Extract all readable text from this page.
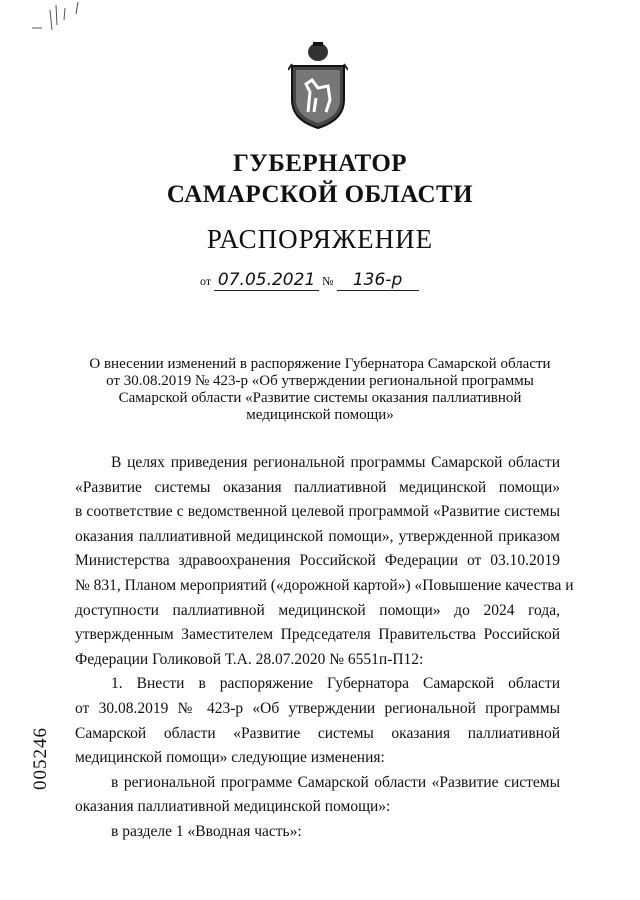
ГУБЕРНАТОР
САМАРСКОЙ ОБЛАСТИ
РАСПОРЯЖЕНИЕ
от 07.05.2021 № 136-р
О внесении изменений в распоряжение Губернатора Самарской области
от 30.08.2019 № 423-р «Об утверждении региональной программы
Самарской области «Развитие системы оказания паллиативной
медицинской помощи»
В целях приведения региональной программы Самарской области
«Развитие системы оказания паллиативной медицинской помощи»
в соответствие с ведомственной целевой программой «Развитие системы
оказания паллиативной медицинской помощи», утвержденной приказом
Министерства здравоохранения Российской Федерации от 03.10.2019
№ 831, Планом мероприятий («дорожной картой») «Повышение качества и
доступности паллиативной медицинской помощи» до 2024 года,
утвержденным Заместителем Председателя Правительства Российской
Федерации Голиковой Т.А. 28.07.2020 № 6551п-П12:
1. Внести в распоряжение Губернатора Самарской области
от 30.08.2019 № 423-р «Об утверждении региональной программы
Самарской области «Развитие системы оказания паллиативной
медицинской помощи» следующие изменения:
в региональной программе Самарской области «Развитие системы
оказания паллиативной медицинской помощи»:
в разделе 1 «Вводная часть»:
005246
